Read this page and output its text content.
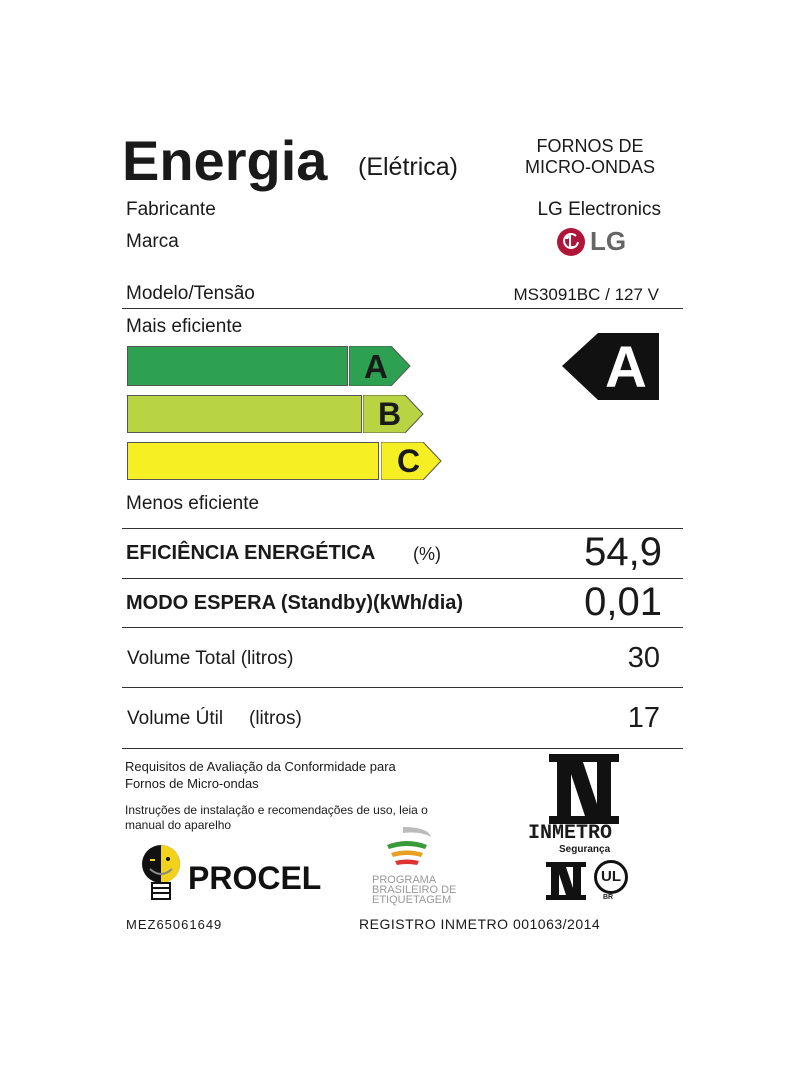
Energia (Elétrica)
FORNOS DE
MICRO-ONDAS
Fabricante	LG Electronics
Marca	LG
Modelo/Tensão	MS3091BC / 127 V
Mais eficiente
A
B
C
A
Menos eficiente
EFICIÊNCIA ENERGÉTICA (%)	54,9
MODO ESPERA (Standby)(kWh/dia)	0,01
Volume Total (litros)	30
Volume Útil (litros)	17
Requisitos de Avaliação da Conformidade para
Fornos de Micro-ondas
Instruções de instalação e recomendações de uso, leia o
manual do aparelho
PROCEL	PROGRAMA
BRASILEIRO DE
ETIQUETAGEM
INMETRO
Segurança
UL
BR
MEZ65061649	REGISTRO INMETRO 001063/2014
